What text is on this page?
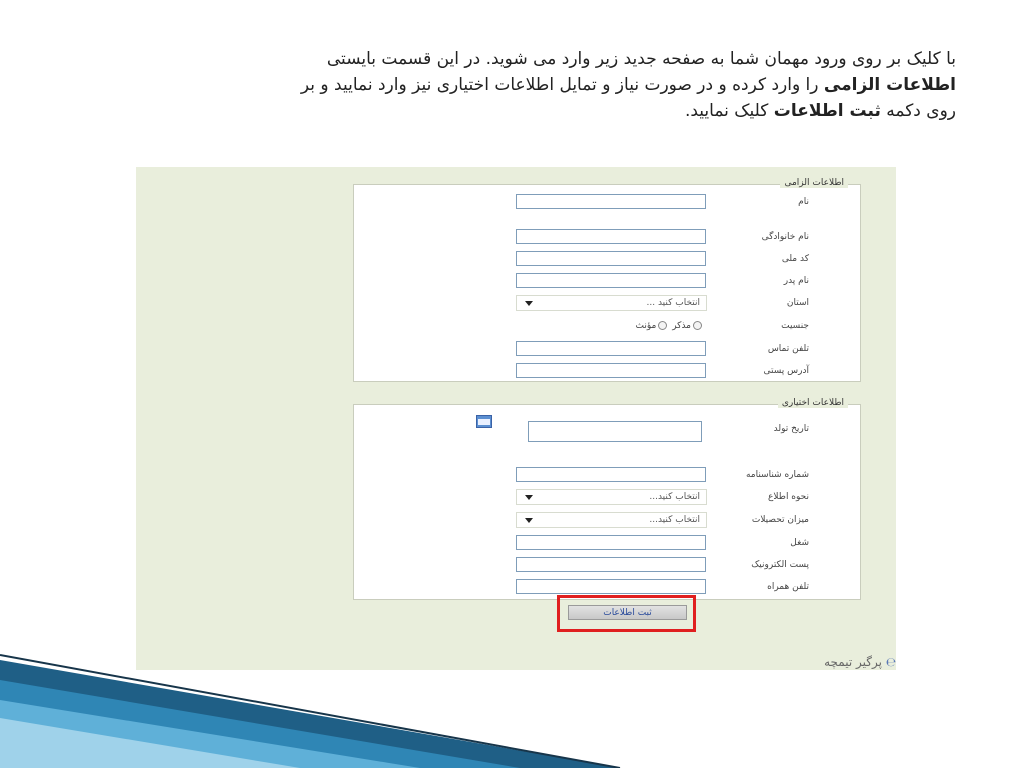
با کلیک بر روی ورود مهمان شما به صفحه جدید زیر وارد می شوید. در این قسمت بایستی
اطلاعات الزامی را وارد کرده و در صورت نیاز و تمایل اطلاعات اختیاری نیز وارد نمایید و بر
روی دکمه ثبت اطلاعات کلیک نمایید.
اطلاعات الزامی
نام
نام خانوادگی
کد ملی
نام پدر
استان
انتخاب کنید ...
جنسیت
مذکر مؤنث
تلفن تماس
آدرس پستی
اطلاعات اختیاری
تاریخ تولد
شماره شناسنامه
نحوه اطلاع
انتخاب کنید...
میزان تحصیلات
انتخاب کنید...
شغل
پست الکترونیک
تلفن همراه
ثبت اطلاعات
℮ پرگیر تیمچه
